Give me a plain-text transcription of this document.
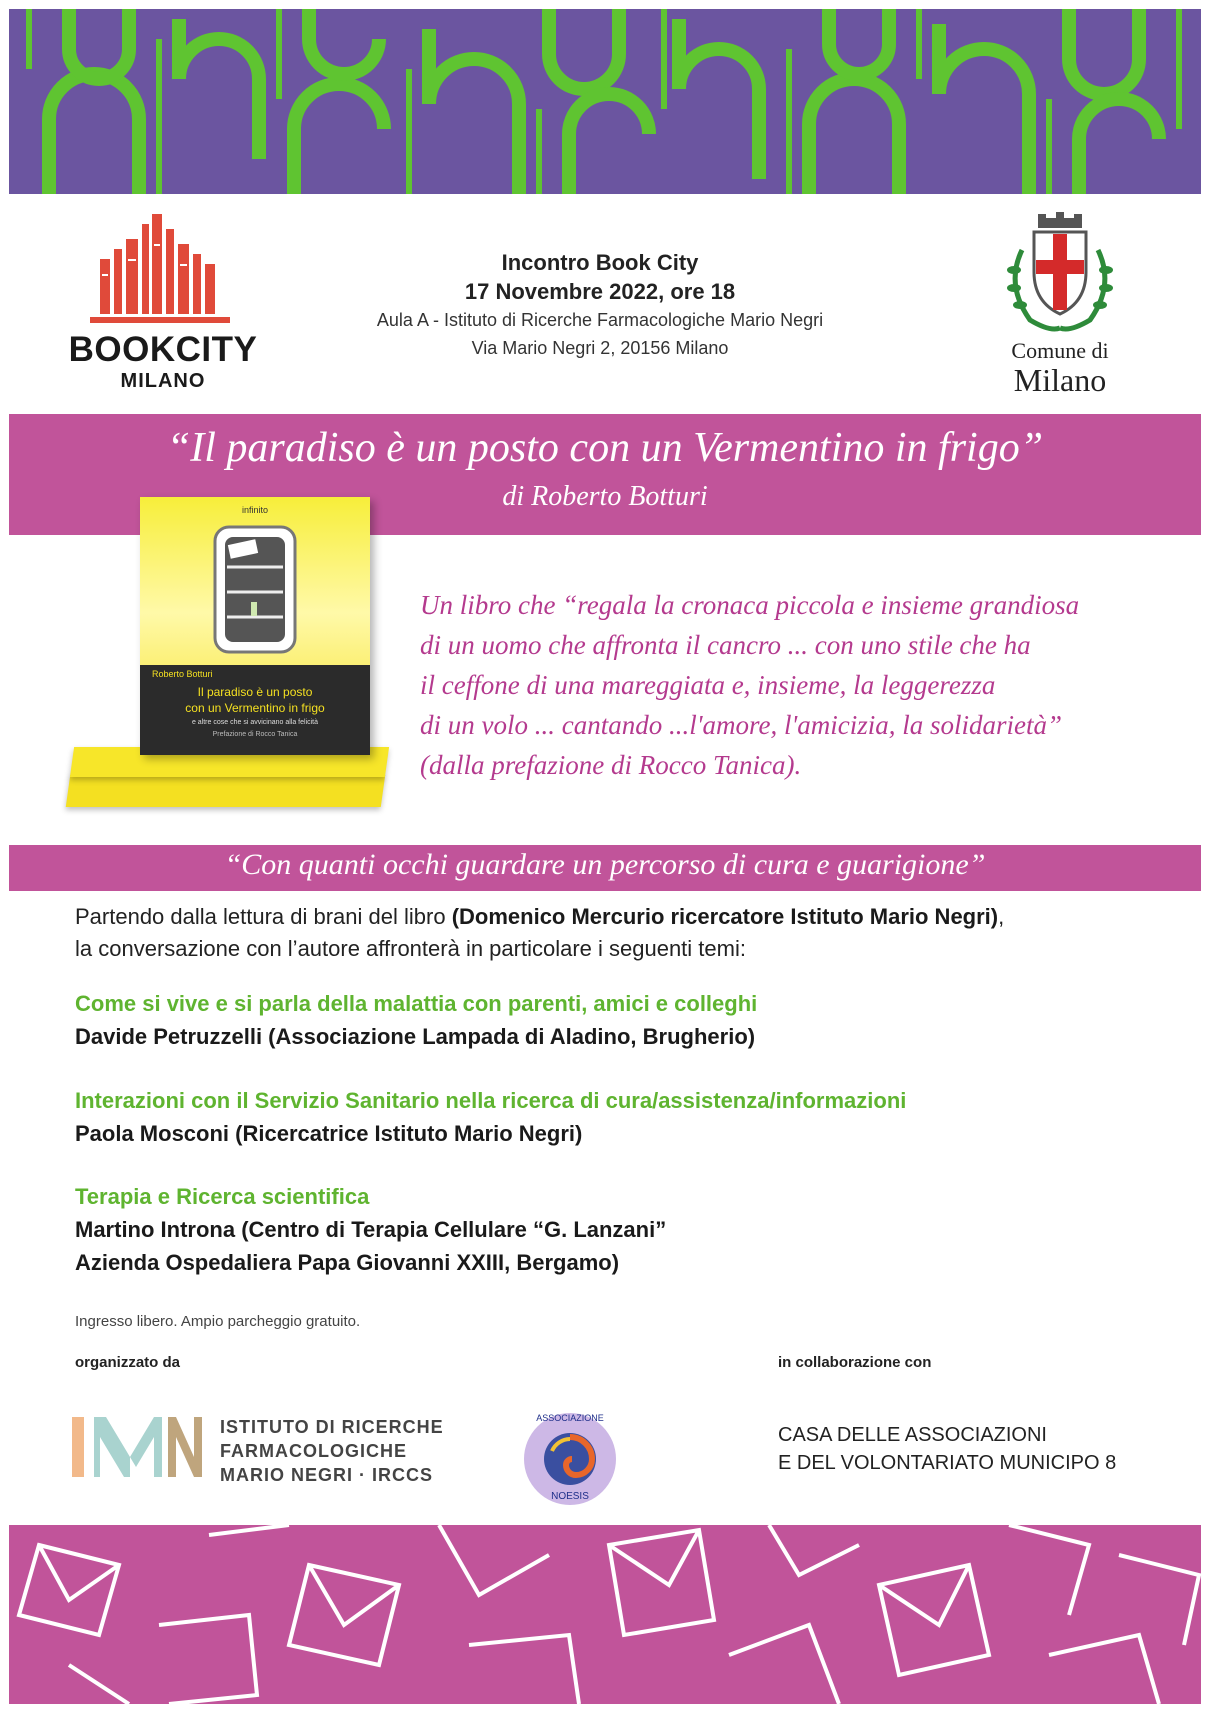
BOOKCITY
MILANO
Incontro Book City
17 Novembre 2022, ore 18
Aula A - Istituto di Ricerche Farmacologiche Mario Negri
Via Mario Negri 2, 20156 Milano	Comune di
Milano
“Il paradiso è un posto con un Vermentino in frigo”
di Roberto Botturi
infinito
Roberto Botturi
Il paradiso è un posto
con un Vermentino in frigo
e altre cose che si avvicinano alla felicità
Prefazione di Rocco Tanica
Un libro che “regala la cronaca piccola e insieme grandiosa
di un uomo che affronta il cancro ... con uno stile che ha
il ceffone di una mareggiata e, insieme, la leggerezza
di un volo ... cantando ...l'amore, l'amicizia, la solidarietà”
(dalla prefazione di Rocco Tanica).
“Con quanti occhi guardare un percorso di cura e guarigione”
Partendo dalla lettura di brani del libro (Domenico Mercurio ricercatore Istituto Mario Negri),
la conversazione con l’autore affronterà in particolare i seguenti temi:
Come si vive e si parla della malattia con parenti, amici e colleghi
Davide Petruzzelli (Associazione Lampada di Aladino, Brugherio)
Interazioni con il Servizio Sanitario nella ricerca di cura/assistenza/informazioni
Paola Mosconi (Ricercatrice Istituto Mario Negri)
Terapia e Ricerca scientifica
Martino Introna (Centro di Terapia Cellulare “G. Lanzani”
Azienda Ospedaliera Papa Giovanni XXIII, Bergamo)
Ingresso libero. Ampio parcheggio gratuito.
organizzato da	in collaborazione con
ISTITUTO DI RICERCHE
FARMACOLOGICHE
MARIO NEGRI · IRCCS
ASSOCIAZIONE
NOESIS
CASA DELLE ASSOCIAZIONI
E DEL VOLONTARIATO MUNICIPO 8
